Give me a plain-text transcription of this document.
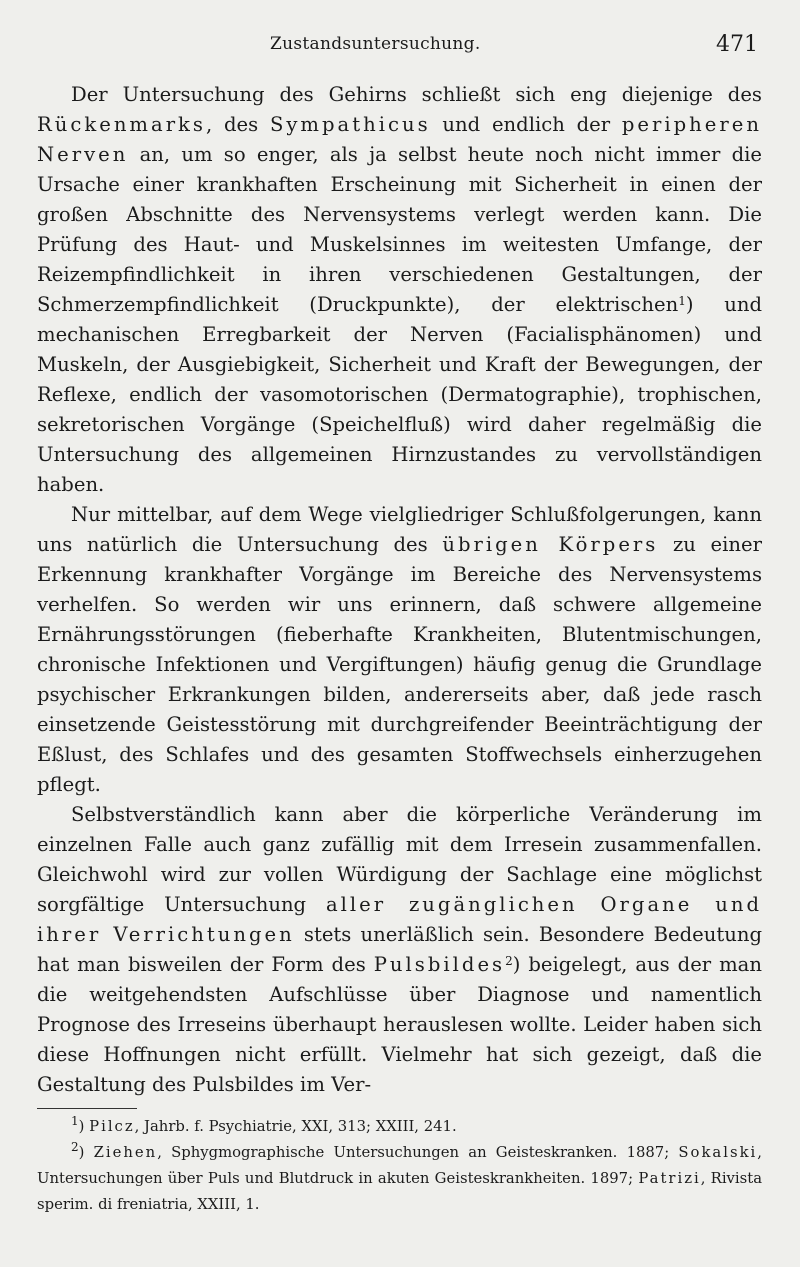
Zustandsuntersuchung.	471

Der Untersuchung des Gehirns schließt sich eng diejenige des Rückenmarks, des Sympathicus und endlich der peripheren Nerven an, um so enger, als ja selbst heute noch nicht immer die Ursache einer krankhaften Erscheinung mit Sicherheit in einen der großen Abschnitte des Nervensystems verlegt werden kann. Die Prüfung des Haut- und Muskelsinnes im weitesten Umfange, der Reizempfindlichkeit in ihren verschiedenen Gestaltungen, der Schmerzempfindlichkeit (Druckpunkte), der elektrischen$^1$) und mechanischen Erregbarkeit der Nerven (Facialisphänomen) und Muskeln, der Ausgiebigkeit, Sicherheit und Kraft der Bewegungen, der Reflexe, endlich der vasomotorischen (Dermatographie), trophischen, sekretorischen Vorgänge (Speichelfluß) wird daher regelmäßig die Untersuchung des allgemeinen Hirnzustandes zu vervollständigen haben.

Nur mittelbar, auf dem Wege vielgliedriger Schlußfolgerungen, kann uns natürlich die Untersuchung des übrigen Körpers zu einer Erkennung krankhafter Vorgänge im Bereiche des Nervensystems verhelfen. So werden wir uns erinnern, daß schwere allgemeine Ernährungsstörungen (fieberhafte Krankheiten, Blutentmischungen, chronische Infektionen und Vergiftungen) häufig genug die Grundlage psychischer Erkrankungen bilden, andererseits aber, daß jede rasch einsetzende Geistesstörung mit durchgreifender Beeinträchtigung der Eßlust, des Schlafes und des gesamten Stoffwechsels einherzugehen pflegt.

Selbstverständlich kann aber die körperliche Veränderung im einzelnen Falle auch ganz zufällig mit dem Irresein zusammenfallen. Gleichwohl wird zur vollen Würdigung der Sachlage eine möglichst sorgfältige Untersuchung aller zugänglichen Organe und ihrer Verrichtungen stets unerläßlich sein. Besondere Bedeutung hat man bisweilen der Form des Pulsbildes$^2$) beigelegt, aus der man die weitgehendsten Aufschlüsse über Diagnose und namentlich Prognose des Irreseins überhaupt herauslesen wollte. Leider haben sich diese Hoffnungen nicht erfüllt. Vielmehr hat sich gezeigt, daß die Gestaltung des Pulsbildes im Ver-

$^1$) Pilcz, Jahrb. f. Psychiatrie, XXI, 313; XXIII, 241.

$^2$) Ziehen, Sphygmographische Untersuchungen an Geisteskranken. 1887; Sokalski, Untersuchungen über Puls und Blutdruck in akuten Geisteskrankheiten. 1897; Patrizi, Rivista sperim. di freniatria, XXIII, 1.
